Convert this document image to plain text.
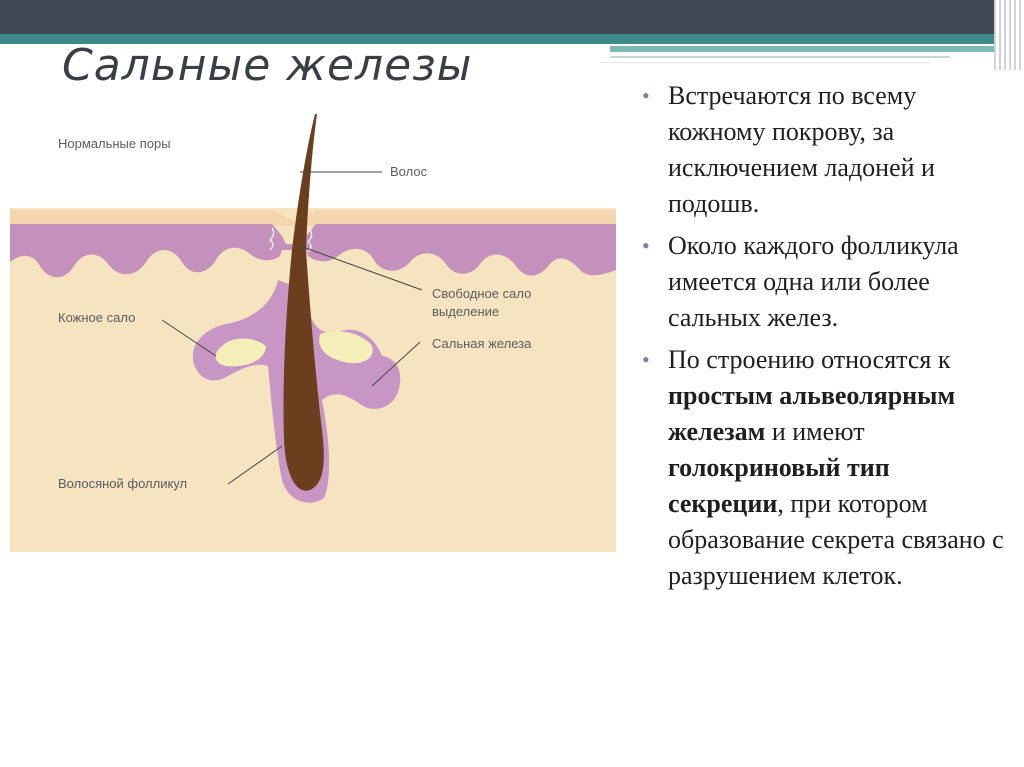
Сальные железы
Нормальные поры
Волос
Свободное сало
выделение
Кожное сало
Сальная железа
Волосяной фолликул
• Встречаются по всему кожному покрову, за исключением ладоней и подошв.
• Около каждого фолликула имеется одна или более сальных желез.
• По строению относятся к простым альвеолярным железам и имеют голокриновый тип секреции, при котором образование секрета связано с разрушением клеток.
